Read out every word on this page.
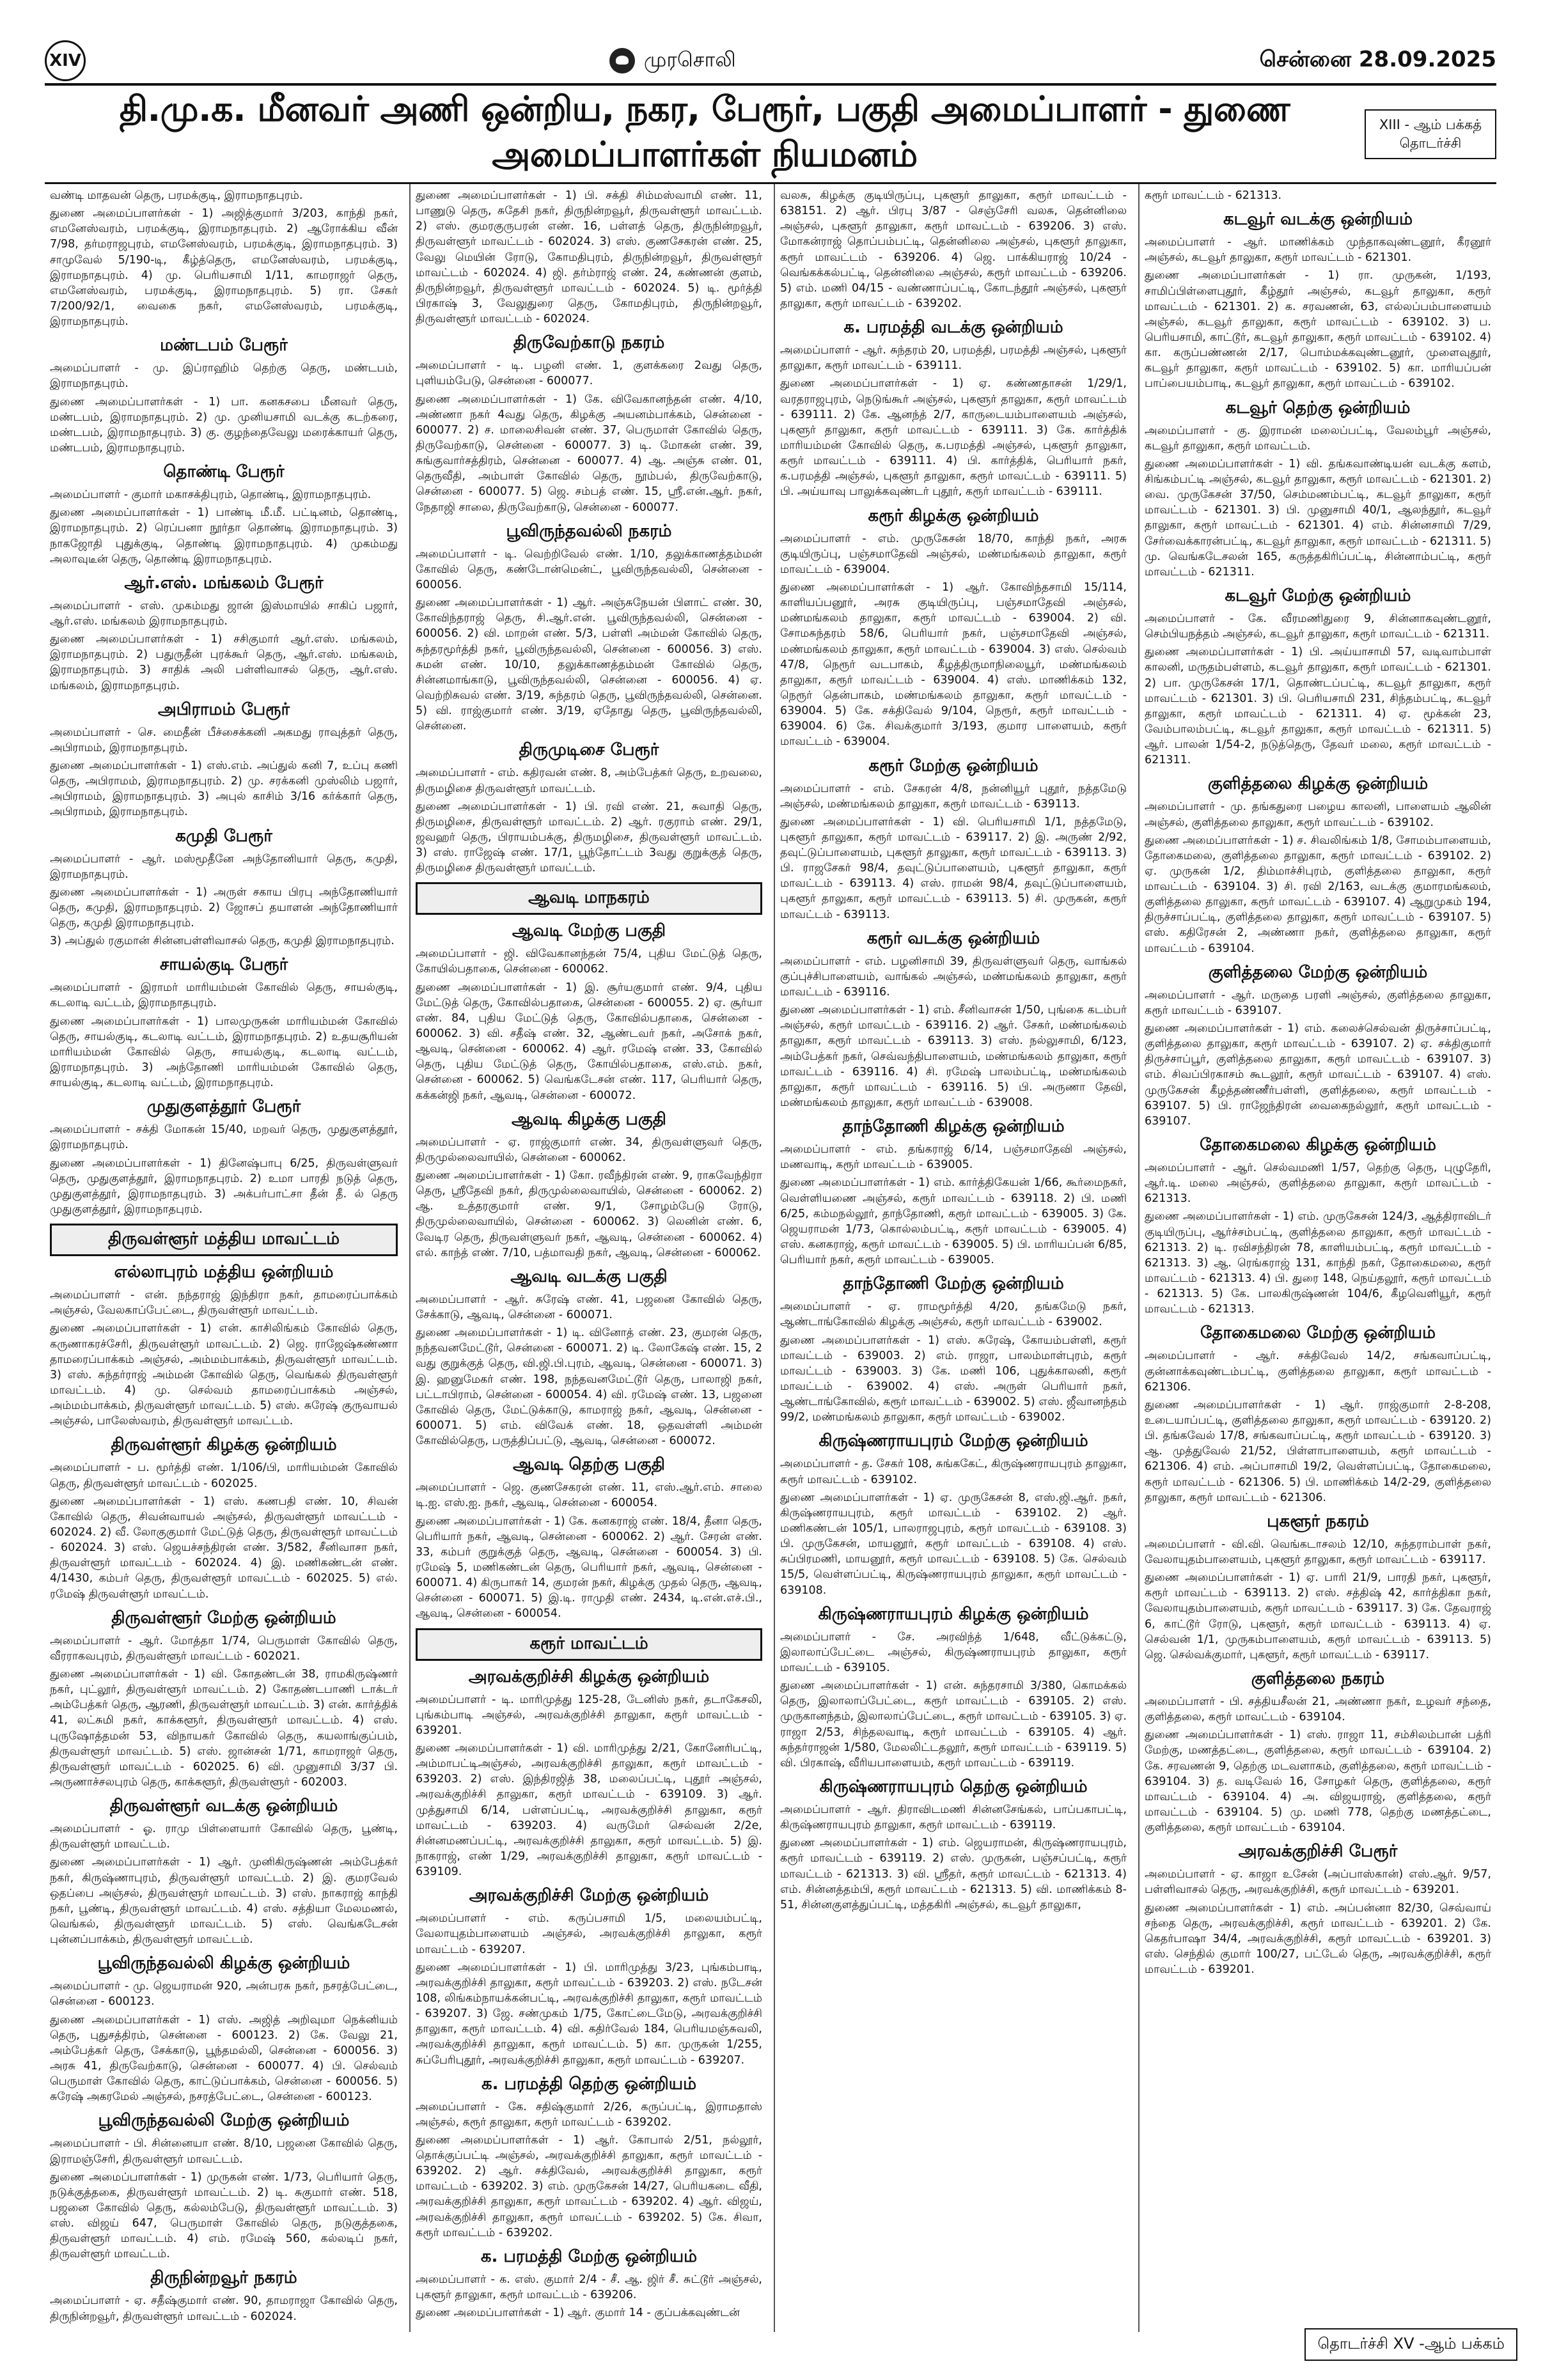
XIV	முரசொலி	சென்னை 28.09.2025
தி.மு.க. மீனவர் அணி ஒன்றிய, நகர, பேரூர், பகுதி அமைப்பாளர் - துணை அமைப்பாளர்கள் நியமனம்
XIII - ஆம் பக்கத் தொடர்ச்சி

வண்டி மாதவன் தெரு, பரமக்குடி, இராமநாதபுரம்.

துணை அமைப்பாளர்கள் - 1) அஜித்குமார் 3/203, காந்தி நகர், எமனேஸ்வரம், பரமக்குடி, இராமநாதபுரம். 2) ஆரோக்கிய வீன் 7/98, தர்மராஜபுரம், எமனேஸ்வரம், பரமக்குடி, இராமநாதபுரம். 3) சாமுவேல் 5/190-டி, கீழ்த்தெரு, எமனேஸ்வரம், பரமக்குடி, இராமநாதபுரம். 4) மு. பெரியசாமி 1/11, காமராஜர் தெரு, எமனேஸ்வரம், பரமக்குடி, இராமநாதபுரம். 5) ரா. சேகர் 7/200/92/1, வைகை நகர், எமனேஸ்வரம், பரமக்குடி, இராமநாதபுரம்.

மண்டபம் பேரூர்

அமைப்பாளர் - மு. இப்ராஹிம் தெற்கு தெரு, மண்டபம், இராமநாதபுரம்.

துணை அமைப்பாளர்கள் - 1) பா. கனகசபை மீனவர் தெரு, மண்டபம், இராமநாதபுரம். 2) மு. முனியசாமி வடக்கு கடற்கரை, மண்டபம், இராமநாதபுரம். 3) கு. குழந்தைவேலு மரைக்காயர் தெரு, மண்டபம், இராமநாதபுரம்.

தொண்டி பேரூர்

அமைப்பாளர் - குமார் மகாசக்திபுரம், தொண்டி, இராமநாதபுரம்.

துணை அமைப்பாளர்கள் - 1) பாண்டி மீ.மீ. பட்டினம், தொண்டி, இராமநாதபுரம். 2) ரெப்பனா நூர்தா தொண்டி இராமநாதபுரம். 3) நாகஜோதி புதுக்குடி, தொண்டி இராமநாதபுரம். 4) முகம்மது அலாவுடீன் தெரு, தொண்டி இராமநாதபுரம்.

ஆர்.எஸ். மங்கலம் பேரூர்

அமைப்பாளர் - எஸ். முகம்மது ஜான் இஸ்மாயில் சாகிப் பஜார், ஆர்.எஸ். மங்கலம் இராமநாதபுரம்.

துணை அமைப்பாளர்கள் - 1) சசிகுமார் ஆர்.எஸ். மங்கலம், இராமநாதபுரம். 2) பதுருதீன் புரக்கூர் தெரு, ஆர்.எஸ். மங்கலம், இராமநாதபுரம். 3) சாதிக் அலி பள்ளிவாசல் தெரு, ஆர்.எஸ். மங்கலம், இராமநாதபுரம்.

அபிராமம் பேரூர்

அமைப்பாளர் - செ. மைதீன் பீச்சைக்கனி அகமது ராவுத்தர் தெரு, அபிராமம், இராமநாதபுரம்.

துணை அமைப்பாளர்கள் - 1) எஸ்.எம். அப்துல் கனி 7, உப்பு கணி தெரு, அபிராமம், இராமநாதபுரம். 2) மு. சரக்கனி முஸ்லிம் பஜார், அபிராமம், இராமநாதபுரம். 3) அபுல் காசிம் 3/16 கர்க்கார் தெரு, அபிராமம், இராமநாதபுரம்.

கமுதி பேரூர்

அமைப்பாளர் - ஆர். மஸ்மூதீனே அந்தோனியார் தெரு, கமுதி, இராமநாதபுரம்.

துணை அமைப்பாளர்கள் - 1) அருள் சகாய பிரபு அந்தோணியார் தெரு, கமுதி, இராமநாதபுரம். 2) ஜோசப் தயாளன் அந்தோணியார் தெரு, கமுதி இராமநாதபுரம்.

3) அப்துல் ரகுமான் சின்னபள்ளிவாசல் தெரு, கமுதி இராமநாதபுரம்.

சாயல்குடி பேரூர்

அமைப்பாளர் - இராமர் மாரியம்மன் கோவில் தெரு, சாயல்குடி, கடலாடி வட்டம், இராமநாதபுரம்.

துணை அமைப்பாளர்கள் - 1) பாலமுருகன் மாரியம்மன் கோவில் தெரு, சாயல்குடி, கடலாடி வட்டம், இராமநாதபுரம். 2) உதயசூரியன் மாரியம்மன் கோவில் தெரு, சாயல்குடி, கடலாடி வட்டம், இராமநாதபுரம். 3) அந்தோணி மாரியம்மன் கோவில் தெரு, சாயல்குடி, கடலாடி வட்டம், இராமநாதபுரம்.

முதுகுளத்தூர் பேரூர்

அமைப்பாளர் - சக்தி மோகன் 15/40, மறவர் தெரு, முதுகுளத்தூர், இராமநாதபுரம்.

துணை அமைப்பாளர்கள் - 1) தினேஷ்பாபு 6/25, திருவள்ளுவர் தெரு, முதுகுளத்தூர், இராமநாதபுரம். 2) உமா பாரதி நடுத் தெரு, முதுகுளத்தூர், இராமநாதபுரம். 3) அக்பர்பாட்சா தீன் தீ. ல் தெரு முதுகுளத்தூர், இராமநாதபுரம்.

திருவள்ளூர் மத்திய மாவட்டம்
எல்லாபுரம் மத்திய ஒன்றியம்

அமைப்பாளர் - என். நந்தராஜ் இந்திரா நகர், தாமரைப்பாக்கம் அஞ்சல், வேலகாப்பேட்டை, திருவள்ளூர் மாவட்டம்.

துணை அமைப்பாளர்கள் - 1) என். காசிலிங்கம் கோவில் தெரு, கருணாகரச்சேரி, திருவள்ளூர் மாவட்டம். 2) ஜெ. ராஜேஷ்கண்ணா தாமரைப்பாக்கம் அஞ்சல், அம்மம்பாக்கம், திருவள்ளூர் மாவட்டம். 3) எஸ். சுந்தர்ராஜ் அம்மன் கோவில் தெரு, வெங்கல் திருவள்ளூர் மாவட்டம். 4) மு. செல்வம் தாமரைப்பாக்கம் அஞ்சல், அம்மம்பாக்கம், திருவள்ளூர் மாவட்டம். 5) எஸ். சுரேஷ் குருவாயல் அஞ்சல், பாலேஸ்வரம், திருவள்ளூர் மாவட்டம்.

திருவள்ளூர் கிழக்கு ஒன்றியம்

அமைப்பாளர் - ப. மூர்த்தி எண். 1/106/பி, மாரியம்மன் கோவில் தெரு, திருவள்ளூர் மாவட்டம் - 602025.

துணை அமைப்பாளர்கள் - 1) எஸ். கணபதி எண். 10, சிவன் கோவில் தெரு, சிவன்வாயல் அஞ்சல், திருவள்ளூர் மாவட்டம் - 602024. 2) வீ. லோகுகுமார் மேட்டுத் தெரு, திருவள்ளூர் மாவட்டம் - 602024. 3) எஸ். ஜெயச்சந்திரன் எண். 3/582, சீனிவாசா நகர், திருவள்ளூர் மாவட்டம் - 602024. 4) இ. மணிகண்டன் எண். 4/1430, கம்பர் தெரு, திருவள்ளூர் மாவட்டம் - 602025. 5) எல். ரமேஷ் திருவள்ளூர் மாவட்டம்.

திருவள்ளூர் மேற்கு ஒன்றியம்

அமைப்பாளர் - ஆர். மோத்தா 1/74, பெருமாள் கோவில் தெரு, வீரராகவபுரம், திருவள்ளூர் மாவட்டம் - 602021.

துணை அமைப்பாளர்கள் - 1) வி. கோதண்டன் 38, ராமகிருஷ்ணர் நகர், புட்லூர், திருவள்ளூர் மாவட்டம். 2) கோதண்டபாணி டாக்டர் அம்பேத்கர் தெரு, ஆரணி, திருவள்ளூர் மாவட்டம். 3) என். கார்த்திக் 41, லட்சுமி நகர், காக்களூர், திருவள்ளூர் மாவட்டம். 4) எஸ். புருஷோத்தமன் 53, விநாயகர் கோவில் தெரு, கயலாங்குப்பம், திருவள்ளூர் மாவட்டம். 5) எஸ். ஜான்சன் 1/71, காமராஜர் தெரு, திருவள்ளூர் மாவட்டம் - 602025. 6) வி. முனுசாமி 3/37 பி. அருணாச்சலபுரம் தெரு, காக்களூர், திருவள்ளூர் - 602003.

திருவள்ளூர் வடக்கு ஒன்றியம்

அமைப்பாளர் - ஓ. ராமு பிள்ளையார் கோவில் தெரு, பூண்டி, திருவள்ளூர் மாவட்டம்.

துணை அமைப்பாளர்கள் - 1) ஆர். முனிகிருஷ்ணன் அம்பேத்கர் நகர், கிருஷ்ணாபுரம், திருவள்ளூர் மாவட்டம். 2) இ. குமரவேல் ஒதப்பை அஞ்சல், திருவள்ளூர் மாவட்டம். 3) எஸ். நாகராஜ் காந்தி நகர், பூண்டி, திருவள்ளூர் மாவட்டம். 4) எஸ். சத்தியா மேலமணல், வெங்கல், திருவள்ளூர் மாவட்டம். 5) எஸ். வெங்கடேசன் புன்னப்பாக்கம், திருவள்ளூர் மாவட்டம்.

பூவிருந்தவல்லி கிழக்கு ஒன்றியம்

அமைப்பாளர் - மு. ஜெயராமன் 920, அன்பரசு நகர், நசரத்பேட்டை, சென்னை - 600123.

துணை அமைப்பாளர்கள் - 1) எஸ். அஜித் அறிவுமா நெக்னியம் தெரு, புதுசத்திரம், சென்னை - 600123. 2) கே. வேலு 21, அம்பேத்கர் தெரு, சேக்காடு, பூந்தமல்லி, சென்னை - 600056. 3) அரசு 41, திருவேற்காடு, சென்னை - 600077. 4) பி. செல்வம் பெருமாள் கோவில் தெரு, காட்டுப்பாக்கம், சென்னை - 600056. 5) சுரேஷ் அகரமேல் அஞ்சல், நசரத்பேட்டை, சென்னை - 600123.

பூவிருந்தவல்லி மேற்கு ஒன்றியம்

அமைப்பாளர் - பி. சின்னையா எண். 8/10, பஜனை கோவில் தெரு, இராமஞ்சேரி, திருவள்ளூர் மாவட்டம்.

துணை அமைப்பாளர்கள் - 1) முருகன் எண். 1/73, பெரியார் தெரு, நடுக்குத்தகை, திருவள்ளூர் மாவட்டம். 2) டி. சுகுமார் எண். 518, பஜனை கோவில் தெரு, கல்லம்பேடு, திருவள்ளூர் மாவட்டம். 3) எஸ். விஜய் 647, பெருமாள் கோவில் தெரு, நடுகுத்தகை, திருவள்ளூர் மாவட்டம். 4) எம். ரமேஷ் 560, கல்லடிப் நகர், திருவள்ளூர் மாவட்டம்.

திருநின்றவூர் நகரம்

அமைப்பாளர் - ஏ. சதீஷ்குமார் எண். 90, தாமராஜா கோவில் தெரு, திருநின்றவூர், திருவள்ளூர் மாவட்டம் - 602024.

துணை அமைப்பாளர்கள் - 1) பி. சக்தி சிம்மஸ்வாமி எண். 11, பாணுடு தெரு, சுதேசி நகர், திருநின்றவூர், திருவள்ளூர் மாவட்டம். 2) எஸ். குமரகுருபரன் எண். 16, பள்ளத் தெரு, திருநின்றவூர், திருவள்ளூர் மாவட்டம் - 602024. 3) எஸ். குணசேகரன் எண். 25, வேலு மெயின் ரோடு, கோமதிபுரம், திருநின்றவூர், திருவள்ளூர் மாவட்டம் - 602024. 4) ஜி. தர்ம்ராஜ் எண். 24, கண்ணன் குளம், திருநின்றவூர், திருவள்ளூர் மாவட்டம் - 602024. 5) டி. மூர்த்தி பிரகாஷ் 3, வேலுதுரை தெரு, கோமதிபுரம், திருநின்றவூர், திருவள்ளூர் மாவட்டம் - 602024.

திருவேற்காடு நகரம்

அமைப்பாளர் - டி. பழனி எண். 1, குளக்கரை 2வது தெரு, புளியம்பேடு, சென்னை - 600077.

துணை அமைப்பாளர்கள் - 1) கே. விவேகானந்தன் எண். 4/10, அண்ணா நகர் 4வது தெரு, கிழக்கு அயனம்பாக்கம், சென்னை - 600077. 2) ச. மாலைசிவன் எண். 37, பெருமாள் கோவில் தெரு, திருவேற்காடு, சென்னை - 600077. 3) டி. மோகன் எண். 39, சுங்குவார்சத்திரம், சென்னை - 600077. 4) ஆ. அஞ்சு எண். 01, தெருவீதி, அம்பாள் கோவில் தெரு, நூம்பல், திருவேற்காடு, சென்னை - 600077. 5) ஜெ. சம்பத் எண். 15, ஸ்ரீ.என்.ஆர். நகர், நேதாஜி சாலை, திருவேற்காடு, சென்னை - 600077.

பூவிருந்தவல்லி நகரம்

அமைப்பாளர் - டி. வெற்றிவேல் எண். 1/10, தலுக்காணத்தம்மன் கோவில் தெரு, கண்டோன்மென்ட், பூவிருந்தவல்லி, சென்னை - 600056.

துணை அமைப்பாளர்கள் - 1) ஆர். அஞ்சுநேயன் பிளாட் எண். 30, கோவிந்தராஜ் தெரு, சி.ஆர்.என். பூவிருந்தவல்லி, சென்னை - 600056. 2) வி. மாறன் எண். 5/3, பள்ளி அம்மன் கோவில் தெரு, சுந்தரமூர்த்தி நகர், பூவிருந்தவல்லி, சென்னை - 600056. 3) எஸ். சுமன் எண். 10/10, தலுக்காணத்தம்மன் கோவில் தெரு, சின்னமாங்காடு, பூவிருந்தவல்லி, சென்னை - 600056. 4) ஏ. வெற்றிசுவல் எண். 3/19, சுந்தரம் தெரு, பூவிருந்தவல்லி, சென்னை. 5) வி. ராஜ்குமார் எண். 3/19, ஏதோது தெரு, பூவிருந்தவல்லி, சென்னை.

திருமுடிசை பேரூர்

அமைப்பாளர் - எம். கதிரவன் எண். 8, அம்பேத்கர் தெரு, உறவலை, திருமழிசை திருவள்ளூர் மாவட்டம்.

துணை அமைப்பாளர்கள் - 1) பி. ரவி எண். 21, சுவாதி தெரு, திருமழிசை, திருவள்ளூர் மாவட்டம். 2) ஆர். ரகுராம் எண். 29/1, ஜவஹர் தெரு, பிராயம்பக்கு, திருமழிசை, திருவள்ளூர் மாவட்டம். 3) எஸ். ராஜேஷ் எண். 17/1, பூந்தோட்டம் 3வது குறுக்குத் தெரு, திருமழிசை திருவள்ளூர் மாவட்டம்.

ஆவடி மாநகரம்
ஆவடி மேற்கு பகுதி

அமைப்பாளர் - ஜி. விவேகானந்தன் 75/4, புதிய மேட்டுத் தெரு, கோயில்பதாகை, சென்னை - 600062.

துணை அமைப்பாளர்கள் - 1) இ. சூர்யகுமார் எண். 9/4, புதிய மேட்டுத் தெரு, கோவில்பதாகை, சென்னை - 600055. 2) ஏ. சூர்யா எண். 84, புதிய மேட்டுத் தெரு, கோவில்பதாகை, சென்னை - 600062. 3) வி. சதீஷ் எண். 32, ஆண்டவர் நகர், அசோக் நகர், ஆவடி, சென்னை - 600062. 4) ஆர். ரமேஷ் எண். 33, கோவில் தெரு, புதிய மேட்டுத் தெரு, கோயில்பதாகை, எஸ்.எம். நகர், சென்னை - 600062. 5) வெங்கடேசன் எண். 117, பெரியார் தெரு, கக்கன்ஜி நகர், ஆவடி, சென்னை - 600072.

ஆவடி கிழக்கு பகுதி

அமைப்பாளர் - ஏ. ராஜ்குமார் எண். 34, திருவள்ளுவர் தெரு, திருமுல்லைவாயில், சென்னை - 600062.

துணை அமைப்பாளர்கள் - 1) கோ. ரவீந்திரன் எண். 9, ராகவேந்திரா தெரு, ஸ்ரீதேவி நகர், திருமுல்லைவாயில், சென்னை - 600062. 2) ஆ. உத்தரகுமார் எண். 9/1, சோழம்பேடு ரோடு, திருமுல்லைவாயில், சென்னை - 600062. 3) லெனின் எண். 6, வேடிர தெரு, திருவள்ளுவர் நகர், ஆவடி, சென்னை - 600062. 4) எல். காந்த் எண். 7/10, பத்மாவதி நகர், ஆவடி, சென்னை - 600062.

ஆவடி வடக்கு பகுதி

அமைப்பாளர் - ஆர். சுரேஷ் எண். 41, பஜனை கோவில் தெரு, சேக்காடு, ஆவடி, சென்னை - 600071.

துணை அமைப்பாளர்கள் - 1) டி. வினோத் எண். 23, குமரன் தெரு, நந்தவனமேட்டூர், சென்னை - 600071. 2) டி. லோகேஷ் எண். 15, 2 வது குறுக்குத் தெரு, வி.ஜி.பி.புரம், ஆவடி, சென்னை - 600071. 3) இ. ஹனுமேகர் எண். 198, நந்தவனமேட்டூர் தெரு, பாலாஜி நகர், பட்டாபிராம், சென்னை - 600054. 4) வி. ரமேஷ் எண். 13, பஜனை கோவில் தெரு, மேட்டுக்காடு, காமராஜ் நகர், ஆவடி, சென்னை - 600071. 5) எம். விவேக் எண். 18, ஒதவள்ளி அம்மன் கோவில்தெரு, பருத்திப்பட்டு, ஆவடி, சென்னை - 600072.

ஆவடி தெற்கு பகுதி

அமைப்பாளர் - ஜெ. குணசேகரன் எண். 11, எஸ்.ஆர்.எம். சாலை டி.ஐ. எஸ்.ஐ. நகர், ஆவடி, சென்னை - 600054.

துணை அமைப்பாளர்கள் - 1) கே. கனகராஜ் எண். 18/4, தீனா தெரு, பெரியார் நகர், ஆவடி, சென்னை - 600062. 2) ஆர். சேரன் எண். 33, கம்பர் குறுக்குத் தெரு, ஆவடி, சென்னை - 600054. 3) பி. ரமேஷ் 5, மணிகண்டன் தெரு, பெரியார் நகர், ஆவடி, சென்னை - 600071. 4) கிருபாகர் 14, குமரன் நகர், கிழக்கு முதல் தெரு, ஆவடி, சென்னை - 600071. 5) இ.டி. ராமுதி எண். 2434, டி.என்.எச்.பி., ஆவடி, சென்னை - 600054.

கரூர் மாவட்டம்
அரவக்குறிச்சி கிழக்கு ஒன்றியம்

அமைப்பாளர் - டி. மாரிமுத்து 125-28, டேனிஸ் நகர், தடாகேசலி, புங்கம்பாடி அஞ்சல், அரவக்குறிச்சி தாலுகா, கரூர் மாவட்டம் - 639201.

துணை அமைப்பாளர்கள் - 1) வி. மாரிமுத்து 2/21, கோனேரிபட்டி, அம்மாபட்டிஅஞ்சல், அரவக்குறிச்சி தாலுகா, கரூர் மாவட்டம் - 639203. 2) எஸ். இந்திரஜித் 38, மலைப்பட்டி, புதூர் அஞ்சல், அரவக்குறிச்சி தாலுகா, கரூர் மாவட்டம் - 639109. 3) ஆர். முத்துசாமி 6/14, பள்ளப்பட்டி, அரவக்குறிச்சி தாலுகா, கரூர் மாவட்டம் - 639203. 4) வருமேர் செல்வன் 2/2e, சின்னமணப்பட்டி, அரவக்குறிச்சி தாலுகா, கரூர் மாவட்டம். 5) இ. நாகராஜ், எண் 1/29, அரவக்குறிச்சி தாலுகா, கரூர் மாவட்டம் - 639109.

அரவக்குறிச்சி மேற்கு ஒன்றியம்

அமைப்பாளர் - எம். கருப்பசாமி 1/5, மலையம்பட்டி, வேலாயுதம்பாளையம் அஞ்சல், அரவக்குறிச்சி தாலுகா, கரூர் மாவட்டம் - 639207.

துணை அமைப்பாளர்கள் - 1) பி. மாரிமுத்து 3/23, புங்கம்பாடி, அரவக்குறிச்சி தாலுகா, கரூர் மாவட்டம் - 639203. 2) எஸ். நடேசன் 108, லிங்கம்நாயக்கன்பட்டி, அரவக்குறிச்சி தாலுகா, கரூர் மாவட்டம் - 639207. 3) ஜே. சண்முகம் 1/75, கோட்டைமேடு, அரவக்குறிச்சி தாலுகா, கரூர் மாவட்டம். 4) வி. கதிர்வேல் 184, பெரியமஞ்சுவலி, அரவக்குறிச்சி தாலுகா, கரூர் மாவட்டம். 5) கா. முருகன் 1/255, சுப்பேரிபுதூர், அரவக்குறிச்சி தாலுகா, கரூர் மாவட்டம் - 639207.

க. பரமத்தி தெற்கு ஒன்றியம்

அமைப்பாளர் - கே. சதிஷ்குமார் 2/26, கருப்பட்டி, இராமதாஸ் அஞ்சல், கரூர் தாலுகா, கரூர் மாவட்டம் - 639202.

துணை அமைப்பாளர்கள் - 1) ஆர். கோபால் 2/51, நல்லூர், தொக்குப்பட்டி அஞ்சல், அரவக்குறிச்சி தாலுகா, கரூர் மாவட்டம் - 639202. 2) ஆர். சக்திவேல், அரவக்குறிச்சி தாலுகா, கரூர் மாவட்டம் - 639202. 3) எம். முருகேசன் 14/27, பெரியகடை வீதி, அரவக்குறிச்சி தாலுகா, கரூர் மாவட்டம் - 639202. 4) ஆர். விஜய், அரவக்குறிச்சி தாலுகா, கரூர் மாவட்டம் - 639202. 5) கே. சிவா, கரூர் மாவட்டம் - 639202.

க. பரமத்தி மேற்கு ஒன்றியம்

அமைப்பாளர் - க. எஸ். குமார் 2/4 - சீ. ஆ. ஜிர் சீ. சுட்டூர் அஞ்சல், புகளூர் தாலுகா, கரூர் மாவட்டம் - 639206.

துணை அமைப்பாளர்கள் - 1) ஆர். குமார் 14 - குப்பக்கவுண்டன்

வலசு, கிழக்கு குடியிருப்பு, புகளூர் தாலுகா, கரூர் மாவட்டம் - 638151. 2) ஆர். பிரபு 3/87 - செஞ்சேரி வலசு, தென்னிலை அஞ்சல், புகளூர் தாலுகா, கரூர் மாவட்டம் - 639206. 3) எஸ். மோகன்ராஜ் தொப்பம்பட்டி, தென்னிலை அஞ்சல், புகளூர் தாலுகா, கரூர் மாவட்டம் - 639206. 4) ஜெ. பாக்கியராஜ் 10/24 - வெங்கக்கல்பட்டி, தென்னிலை அஞ்சல், கரூர் மாவட்டம் - 639206. 5) எம். மணி 04/15 - வண்ணாப்பட்டி, கோடந்தூர் அஞ்சல், புகளூர் தாலுகா, கரூர் மாவட்டம் - 639202.

க. பரமத்தி வடக்கு ஒன்றியம்

அமைப்பாளர் - ஆர். சுந்தரம் 20, பரமத்தி, பரமத்தி அஞ்சல், புகளூர் தாலுகா, கரூர் மாவட்டம் - 639111.

துணை அமைப்பாளர்கள் - 1) ஏ. கண்ணதாசன் 1/29/1, வரதராஜபுரம், நெடுங்கூர் அஞ்சல், புகளூர் தாலுகா, கரூர் மாவட்டம் - 639111. 2) கே. ஆனந்த் 2/7, காருடையம்பாளையம் அஞ்சல், புகளூர் தாலுகா, கரூர் மாவட்டம் - 639111. 3) கே. கார்த்திக் மாரியம்மன் கோவில் தெரு, க.பரமத்தி அஞ்சல், புகளூர் தாலுகா, கரூர் மாவட்டம் - 639111. 4) பி. கார்த்திக், பெரியார் நகர், க.பரமத்தி அஞ்சல், புகளூர் தாலுகா, கரூர் மாவட்டம் - 639111. 5) பி. அய்யாவு பாலுக்கவுண்டர் புதூர், கரூர் மாவட்டம் - 639111.

கரூர் கிழக்கு ஒன்றியம்

அமைப்பாளர் - எம். முருகேசன் 18/70, காந்தி நகர், அரசு குடியிருப்பு, பஞ்சமாதேவி அஞ்சல், மண்மங்கலம் தாலுகா, கரூர் மாவட்டம் - 639004.

துணை அமைப்பாளர்கள் - 1) ஆர். கோவிந்தசாமி 15/114, காளியப்பனூர், அரசு குடியிருப்பு, பஞ்சமாதேவி அஞ்சல், மண்மங்கலம் தாலுகா, கரூர் மாவட்டம் - 639004. 2) வி. சோமசுந்தரம் 58/6, பெரியார் நகர், பஞ்சமாதேவி அஞ்சல், மண்மங்கலம் தாலுகா, கரூர் மாவட்டம் - 639004. 3) எஸ். செல்வம் 47/8, நெரூர் வடபாகம், கீழத்திருமாநிலையூர், மண்மங்கலம் தாலுகா, கரூர் மாவட்டம் - 639004. 4) எஸ். மாணிக்கம் 132, நெரூர் தென்பாகம், மண்மங்கலம் தாலுகா, கரூர் மாவட்டம் - 639004. 5) கே. சக்திவேல் 9/104, நெரூர், கரூர் மாவட்டம் - 639004. 6) கே. சிவக்குமார் 3/193, குமார பாளையம், கரூர் மாவட்டம் - 639004.

கரூர் மேற்கு ஒன்றியம்

அமைப்பாளர் - எம். சேகரன் 4/8, நன்னியூர் புதூர், நத்தமேடு அஞ்சல், மண்மங்கலம் தாலுகா, கரூர் மாவட்டம் - 639113.

துணை அமைப்பாளர்கள் - 1) வி. பெரியசாமி 1/1, நத்தமேடு, புகளூர் தாலுகா, கரூர் மாவட்டம் - 639117. 2) இ. அருண் 2/92, தவுட்டுப்பாளையம், புகளூர் தாலுகா, கரூர் மாவட்டம் - 639113. 3) பி. ராஜசேகர் 98/4, தவுட்டுப்பாளையம், புகளூர் தாலுகா, கரூர் மாவட்டம் - 639113. 4) எஸ். ராமன் 98/4, தவுட்டுப்பாளையம், புகளூர் தாலுகா, கரூர் மாவட்டம் - 639113. 5) சி. முருகன், கரூர் மாவட்டம் - 639113.

கரூர் வடக்கு ஒன்றியம்

அமைப்பாளர் - எம். பழனிசாமி 39, திருவள்ளுவர் தெரு, வாங்கல் குப்புச்சிபாளையம், வாங்கல் அஞ்சல், மண்மங்கலம் தாலுகா, கரூர் மாவட்டம் - 639116.

துணை அமைப்பாளர்கள் - 1) எம். சீனிவாசன் 1/50, புங்கை கடம்பர் அஞ்சல், கரூர் மாவட்டம் - 639116. 2) ஆர். சேகர், மண்மங்கலம் தாலுகா, கரூர் மாவட்டம் - 639113. 3) எஸ். நல்லுசாமி, 6/123, அம்பேத்கர் நகர், செவ்வந்திபாளையம், மண்மங்கலம் தாலுகா, கரூர் மாவட்டம் - 639116. 4) சி. ரமேஷ் பாலம்பட்டி, மண்மங்கலம் தாலுகா, கரூர் மாவட்டம் - 639116. 5) பி. அருணா தேவி, மண்மங்கலம் தாலுகா, கரூர் மாவட்டம் - 639008.

தாந்தோணி கிழக்கு ஒன்றியம்

அமைப்பாளர் - எம். தங்கராஜ் 6/14, பஞ்சமாதேவி அஞ்சல், மணவாடி, கரூர் மாவட்டம் - 639005.

துணை அமைப்பாளர்கள் - 1) எம். கார்த்திகேயன் 1/66, கூர்மைநகர், வெள்ளியணை அஞ்சல், கரூர் மாவட்டம் - 639118. 2) பி. மணி 6/25, கம்மநல்லூர், தாந்தோணி, கரூர் மாவட்டம் - 639005. 3) கே. ஜெயராமன் 1/73, கொல்லம்பட்டி, கரூர் மாவட்டம் - 639005. 4) எஸ். கனகராஜ், கரூர் மாவட்டம் - 639005. 5) பி. மாரியப்பன் 6/85, பெரியார் நகர், கரூர் மாவட்டம் - 639005.

தாந்தோணி மேற்கு ஒன்றியம்

அமைப்பாளர் - ஏ. ராமமூர்த்தி 4/20, தங்கமேடு நகர், ஆண்டாங்கோவில் கிழக்கு அஞ்சல், கரூர் மாவட்டம் - 639002.

துணை அமைப்பாளர்கள் - 1) எஸ். சுரேஷ், கோயம்பள்ளி, கரூர் மாவட்டம் - 639003. 2) எம். ராஜா, பாலம்மாள்புரம், கரூர் மாவட்டம் - 639003. 3) கே. மணி 106, புதுக்காலனி, கரூர் மாவட்டம் - 639002. 4) எஸ். அருள் பெரியார் நகர், ஆண்டாங்கோவில், கரூர் மாவட்டம் - 639002. 5) எஸ். ஜீவானந்தம் 99/2, மண்மங்கலம் தாலுகா, கரூர் மாவட்டம் - 639002.

கிருஷ்ணராயபுரம் மேற்கு ஒன்றியம்

அமைப்பாளர் - த. சேகர் 108, சுங்ககேட், கிருஷ்ணராயபுரம் தாலுகா, கரூர் மாவட்டம் - 639102.

துணை அமைப்பாளர்கள் - 1) ஏ. முருகேசன் 8, எஸ்.ஜி.ஆர். நகர், கிருஷ்ணராயபுரம், கரூர் மாவட்டம் - 639102. 2) ஆர். மணிகண்டன் 105/1, பாலராஜபுரம், கரூர் மாவட்டம் - 639108. 3) பி. முருகேசன், மாயனூர், கரூர் மாவட்டம் - 639108. 4) எஸ். சுப்பிரமணி, மாயனூர், கரூர் மாவட்டம் - 639108. 5) கே. செல்வம் 15/5, வெள்ளப்பட்டி, கிருஷ்ணராயபுரம் தாலுகா, கரூர் மாவட்டம் - 639108.

கிருஷ்ணராயபுரம் கிழக்கு ஒன்றியம்

அமைப்பாளர் - சே. அரவிந்த் 1/648, வீட்டுக்கட்டு, இலாலாப்பேட்டை அஞ்சல், கிருஷ்ணராயபுரம் தாலுகா, கரூர் மாவட்டம் - 639105.

துணை அமைப்பாளர்கள் - 1) என். சுந்தரசாமி 3/380, கொமக்கல் தெரு, இலாலாப்பேட்டை, கரூர் மாவட்டம் - 639105. 2) எஸ். முருகானந்தம், இலாலாப்பேட்டை, கரூர் மாவட்டம் - 639105. 3) ஏ. ராஜா 2/53, சிந்தலவாடி, கரூர் மாவட்டம் - 639105. 4) ஆர். சுந்தர்ராஜன் 1/580, மேலலிட்டதலூர், கரூர் மாவட்டம் - 639119. 5) வி. பிரகாஷ், வீரியபாளையம், கரூர் மாவட்டம் - 639119.

கிருஷ்ணராயபுரம் தெற்கு ஒன்றியம்

அமைப்பாளர் - ஆர். திராவிடமணி சின்னசேங்கல், பாப்பகாபட்டி, கிருஷ்ணராயபுரம் தாலுகா, கரூர் மாவட்டம் - 639119.

துணை அமைப்பாளர்கள் - 1) எம். ஜெயராமன், கிருஷ்ணராயபுரம், கரூர் மாவட்டம் - 639119. 2) எஸ். முருகன், பஞ்சப்பட்டி, கரூர் மாவட்டம் - 621313. 3) வி. ஸ்ரீதர், கரூர் மாவட்டம் - 621313. 4) எம். சின்னத்தம்பி, கரூர் மாவட்டம் - 621313. 5) வி. மாணிக்கம் 8-51, சின்னகுளத்துப்பட்டி, மத்தகிரி அஞ்சல், கடவூர் தாலுகா,

கரூர் மாவட்டம் - 621313.

கடவூர் வடக்கு ஒன்றியம்

அமைப்பாளர் - ஆர். மாணிக்கம் முந்தாகவுண்டனூர், கீரனூர் அஞ்சல், கடவூர் தாலுகா, கரூர் மாவட்டம் - 621301.

துணை அமைப்பாளர்கள் - 1) ரா. முருகன், 1/193, சாமிப்பிள்ளைபுதூர், கீழ்தூர் அஞ்சல், கடவூர் தாலுகா, கரூர் மாவட்டம் - 621301. 2) க. சரவணன், 63, எல்லப்பம்பாளையம் அஞ்சல், கடவூர் தாலுகா, கரூர் மாவட்டம் - 639102. 3) ப. பெரியசாமி, காட்டூர், கடவூர் தாலுகா, கரூர் மாவட்டம் - 639102. 4) கா. கருப்பண்ணன் 2/17, பொம்மக்கவுண்டனூர், முளைவுதூர், கடவூர் தாலுகா, கரூர் மாவட்டம் - 639102. 5) கா. மாரியப்பன் பாப்பையம்பாடி, கடவூர் தாலுகா, கரூர் மாவட்டம் - 639102.

கடவூர் தெற்கு ஒன்றியம்

அமைப்பாளர் - கு. இராமன் மலைப்பட்டி, வேலம்பூர் அஞ்சல், கடவூர் தாலுகா, கரூர் மாவட்டம்.

துணை அமைப்பாளர்கள் - 1) வி. தங்கவாண்டியன் வடக்கு களம், சிங்கம்பட்டி அஞ்சல், கடவூர் தாலுகா, கரூர் மாவட்டம் - 621301. 2) வை. முருகேசன் 37/50, செம்மணம்பட்டி, கடவூர் தாலுகா, கரூர் மாவட்டம் - 621301. 3) பி. முனுசாமி 40/1, ஆலந்தூர், கடவூர் தாலுகா, கரூர் மாவட்டம் - 621301. 4) எம். சின்னசாமி 7/29, சேர்வைக்காரன்பட்டி, கடவூர் தாலுகா, கரூர் மாவட்டம் - 621311. 5) மு. வெங்கடேசலன் 165, கருத்தகிரிப்பட்டி, சின்னாம்பட்டி, கரூர் மாவட்டம் - 621311.

கடவூர் மேற்கு ஒன்றியம்

அமைப்பாளர் - கே. வீரமணிதுரை 9, சின்னாகவுண்டனூர், செம்பியநத்தம் அஞ்சல், கடவூர் தாலுகா, கரூர் மாவட்டம் - 621311.

துணை அமைப்பாளர்கள் - 1) பி. அய்யாசாமி 57, வடிவாம்பாள் காலனி, மருதம்பள்ளம், கடவூர் தாலுகா, கரூர் மாவட்டம் - 621301. 2) பா. முருகேசன் 17/1, தொண்டப்பட்டி, கடவூர் தாலுகா, கரூர் மாவட்டம் - 621301. 3) பி. பெரியசாமி 231, சிந்தம்பட்டி, கடவூர் தாலுகா, கரூர் மாவட்டம் - 621311. 4) ஏ. மூக்கன் 23, வேம்பாலம்பட்டி, கடவூர் தாலுகா, கரூர் மாவட்டம் - 621311. 5) ஆர். பாலன் 1/54-2, நடுத்தெரு, தேவர் மலை, கரூர் மாவட்டம் - 621311.

குளித்தலை கிழக்கு ஒன்றியம்

அமைப்பாளர் - மு. தங்கதுரை பழைய காலனி, பாளையம் ஆலின் அஞ்சல், குளித்தலை தாலுகா, கரூர் மாவட்டம் - 639102.

துணை அமைப்பாளர்கள் - 1) ச. சிவலிங்கம் 1/8, சோமம்பாளையம், தோகைமலை, குளித்தலை தாலுகா, கரூர் மாவட்டம் - 639102. 2) ஏ. முருகன் 1/2, திம்மாச்சிபுரம், குளித்தலை தாலுகா, கரூர் மாவட்டம் - 639104. 3) சி. ரவி 2/163, வடக்கு குமாரமங்கலம், குளித்தலை தாலுகா, கரூர் மாவட்டம் - 639107. 4) ஆறுமுகம் 194, திருச்சாப்பட்டி, குளித்தலை தாலுகா, கரூர் மாவட்டம் - 639107. 5) எஸ். கதிரேசன் 2, அண்ணா நகர், குளித்தலை தாலுகா, கரூர் மாவட்டம் - 639104.

குளித்தலை மேற்கு ஒன்றியம்

அமைப்பாளர் - ஆர். மருதை பரளி அஞ்சல், குளித்தலை தாலுகா, கரூர் மாவட்டம் - 639107.

துணை அமைப்பாளர்கள் - 1) எம். கலைச்செல்வன் திருச்சாப்பட்டி, குளித்தலை தாலுகா, கரூர் மாவட்டம் - 639107. 2) ஏ. சக்திகுமார் திருச்சாப்பூர், குளித்தலை தாலுகா, கரூர் மாவட்டம் - 639107. 3) எம். சிவப்பிரகாசம் கூடலூர், கரூர் மாவட்டம் - 639107. 4) எஸ். முருகேசன் கீழத்தண்ணீர்பள்ளி, குளித்தலை, கரூர் மாவட்டம் - 639107. 5) பி. ராஜேந்திரன் வைகைநல்லூர், கரூர் மாவட்டம் - 639107.

தோகைமலை கிழக்கு ஒன்றியம்

அமைப்பாளர் - ஆர். செல்வமணி 1/57, தெற்கு தெரு, புழுதேரி, ஆர்.டி. மலை அஞ்சல், குளித்தலை தாலுகா, கரூர் மாவட்டம் - 621313.

துணை அமைப்பாளர்கள் - 1) எம். முருகேசன் 124/3, ஆத்திராவிடர் குடியிருப்பு, ஆர்ச்சம்பட்டி, குளித்தலை தாலுகா, கரூர் மாவட்டம் - 621313. 2) டி. ரவிசந்திரன் 78, காளியம்பட்டி, கரூர் மாவட்டம் - 621313. 3) ஆ. ரெங்கராஜ் 131, காந்தி நகர், தோகைமலை, கரூர் மாவட்டம் - 621313. 4) பி. துரை 148, நெய்தலூர், கரூர் மாவட்டம் - 621313. 5) கே. பாலகிருஷ்ணன் 104/6, கீழவெளியூர், கரூர் மாவட்டம் - 621313.

தோகைமலை மேற்கு ஒன்றியம்

அமைப்பாளர் - ஆர். சக்திவேல் 14/2, சங்கவாப்பட்டி, குன்னாக்கவுண்டம்பட்டி, குளித்தலை தாலுகா, கரூர் மாவட்டம் - 621306.

துணை அமைப்பாளர்கள் - 1) ஆர். ராஜ்குமார் 2-8-208, உடையாப்பட்டி, குளித்தலை தாலுகா, கரூர் மாவட்டம் - 639120. 2) பி. தங்கவேல் 17/8, சங்கவாப்பட்டி, கரூர் மாவட்டம் - 639120. 3) ஆ. முத்துவேல் 21/52, பிள்ளாபாளையம், கரூர் மாவட்டம் - 621306. 4) எம். அப்பாசாமி 19/2, வெள்ளப்பட்டி, தோகைமலை, கரூர் மாவட்டம் - 621306. 5) பி. மாணிக்கம் 14/2-29, குளித்தலை தாலுகா, கரூர் மாவட்டம் - 621306.

புகளூர் நகரம்

அமைப்பாளர் - வி.வி. வெங்கடாசலம் 12/10, சுந்தராம்பாள் நகர், வேலாயுதம்பாளையம், புகளூர் தாலுகா, கரூர் மாவட்டம் - 639117.

துணை அமைப்பாளர்கள் - 1) ஏ. பாரி 21/9, பாரதி நகர், புகளூர், கரூர் மாவட்டம் - 639113. 2) எஸ். சத்திஷ் 42, கார்த்திகா நகர், வேலாயுதம்பாளையம், கரூர் மாவட்டம் - 639117. 3) கே. தேவராஜ் 6, காட்டூர் ரோடு, புகளூர், கரூர் மாவட்டம் - 639113. 4) ஏ. செல்வன் 1/1, முருகம்பாளையம், கரூர் மாவட்டம் - 639113. 5) ஜெ. செல்வக்குமார், புகளூர், கரூர் மாவட்டம் - 639117.

குளித்தலை நகரம்

அமைப்பாளர் - பி. சத்தியசீலன் 21, அண்ணா நகர், உழவர் சந்தை, குளித்தலை, கரூர் மாவட்டம் - 639104.

துணை அமைப்பாளர்கள் - 1) எஸ். ராஜா 11, சம்சிலம்பான் பத்ரி மேற்கு, மணத்தட்டை, குளித்தலை, கரூர் மாவட்டம் - 639104. 2) கே. சரவணன் 9, தெற்கு மடவளாகம், குளித்தலை, கரூர் மாவட்டம் - 639104. 3) த. வடிவேல் 16, சோழகர் தெரு, குளித்தலை, கரூர் மாவட்டம் - 639104. 4) அ. விஜயராஜ், குளித்தலை, கரூர் மாவட்டம் - 639104. 5) மு. மணி 778, தெற்கு மணத்தட்டை, குளித்தலை, கரூர் மாவட்டம் - 639104.

அரவக்குறிச்சி பேரூர்

அமைப்பாளர் - ஏ. காஜா உசேன் (அப்பாஸ்கான்) எஸ்.ஆர். 9/57, பள்ளிவாசல் தெரு, அரவக்குறிச்சி, கரூர் மாவட்டம் - 639201.

துணை அமைப்பாளர்கள் - 1) எம். அப்பன்னா 82/30, செவ்வாய் சந்தை தெரு, அரவக்குறிச்சி, கரூர் மாவட்டம் - 639201. 2) கே. கெதர்பாஷா 34/4, அரவக்குறிச்சி, கரூர் மாவட்டம் - 639201. 3) எஸ். செந்தில் குமார் 100/27, பட்டேல் தெரு, அரவக்குறிச்சி, கரூர் மாவட்டம் - 639201.

தொடர்ச்சி XV -ஆம் பக்கம்
